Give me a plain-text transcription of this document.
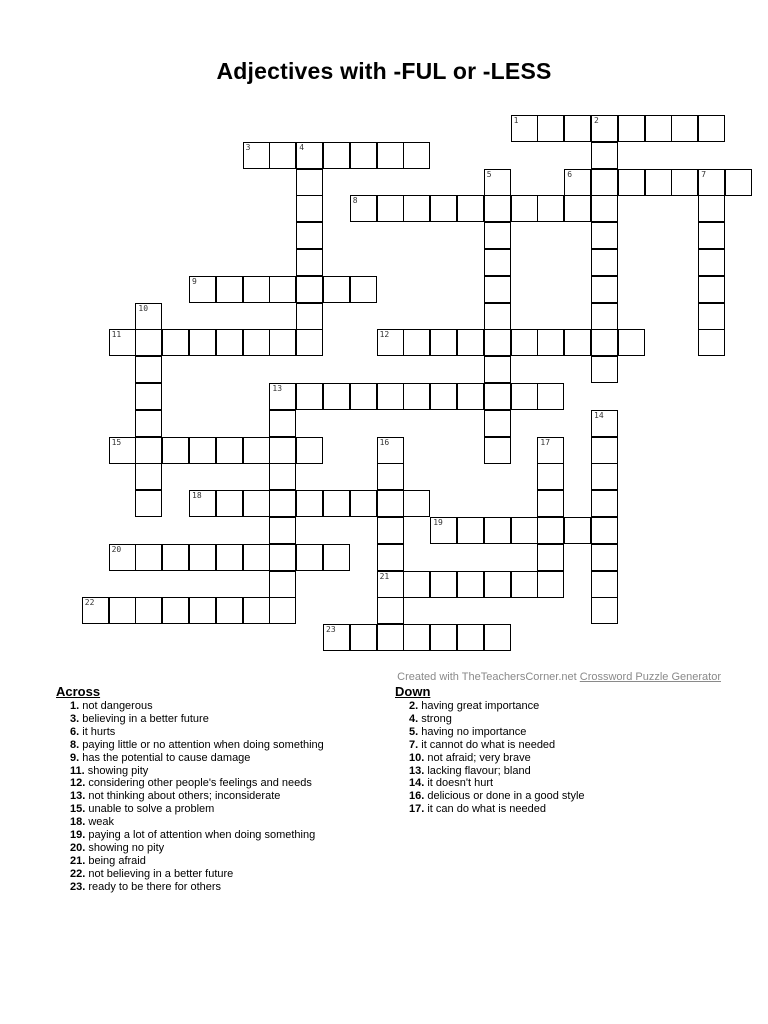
Adjectives with -FUL or -LESS
1	2
3	4
5	6	7
8
9
10
11	12
13
14
15	16
21
17
18
19
20
22
23
Created with TheTeachersCorner.net Crossword Puzzle Generator
Across
1. not dangerous
3. believing in a better future
6. it hurts
8. paying little or no attention when doing something
9. has the potential to cause damage
11. showing pity
12. considering other people's feelings and needs
13. not thinking about others; inconsiderate
15. unable to solve a problem
18. weak
19. paying a lot of attention when doing something
20. showing no pity
21. being afraid
22. not believing in a better future
23. ready to be there for others
Down
2. having great importance
4. strong
5. having no importance
7. it cannot do what is needed
10. not afraid; very brave
13. lacking flavour; bland
14. it doesn't hurt
16. delicious or done in a good style
17. it can do what is needed
